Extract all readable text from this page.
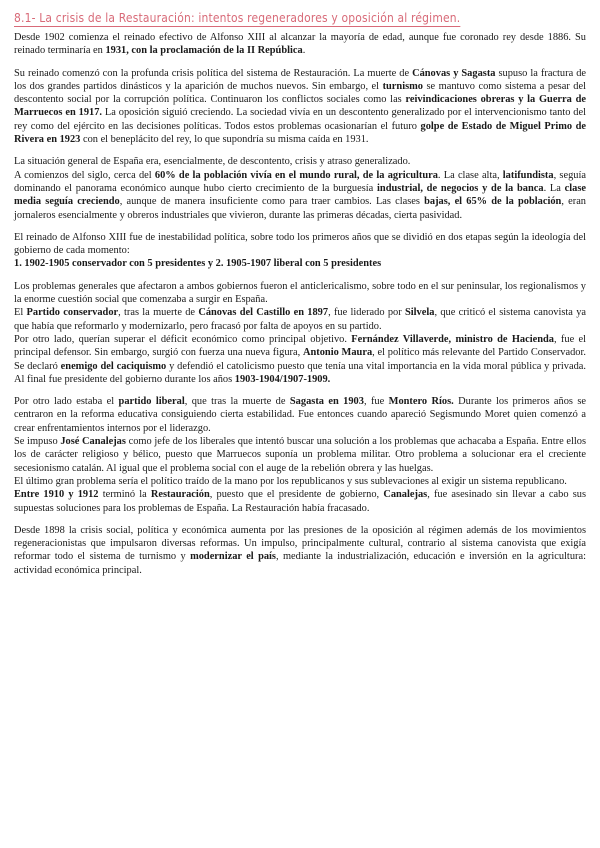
8.1- La crisis de la Restauración: intentos regeneradores y oposición al régimen.

Desde 1902 comienza el reinado efectivo de Alfonso XIII al alcanzar la mayoría de edad, aunque fue coronado rey desde 1886. Su reinado terminaría en 1931, con la proclamación de la II República.

Su reinado comenzó con la profunda crisis política del sistema de Restauración. La muerte de Cánovas y Sagasta supuso la fractura de los dos grandes partidos dinásticos y la aparición de muchos nuevos. Sin embargo, el turnismo se mantuvo como sistema a pesar del descontento social por la corrupción política. Continuaron los conflictos sociales como las reivindicaciones obreras y la Guerra de Marruecos en 1917. La oposición siguió creciendo. La sociedad vivía en un descontento generalizado por el intervencionismo tanto del rey como del ejército en las decisiones políticas. Todos estos problemas ocasionarían el futuro golpe de Estado de Miguel Primo de Rivera en 1923 con el beneplácito del rey, lo que supondría su misma caída en 1931.

La situación general de España era, esencialmente, de descontento, crisis y atraso generalizado.

A comienzos del siglo, cerca del 60% de la población vivía en el mundo rural, de la agricultura. La clase alta, latifundista, seguía dominando el panorama económico aunque hubo cierto crecimiento de la burguesía industrial, de negocios y de la banca. La clase media seguía creciendo, aunque de manera insuficiente como para traer cambios. Las clases bajas, el 65% de la población, eran jornaleros esencialmente y obreros industriales que vivieron, durante las primeras décadas, cierta pasividad.

El reinado de Alfonso XIII fue de inestabilidad política, sobre todo los primeros años que se dividió en dos etapas según la ideología del gobierno de cada momento:

1. 1902-1905 conservador con 5 presidentes y 2. 1905-1907 liberal con 5 presidentes

Los problemas generales que afectaron a ambos gobiernos fueron el anticlericalismo, sobre todo en el sur peninsular, los regionalismos y la enorme cuestión social que comenzaba a surgir en España.

El Partido conservador, tras la muerte de Cánovas del Castillo en 1897, fue liderado por Silvela, que criticó el sistema canovista ya que había que reformarlo y modernizarlo, pero fracasó por falta de apoyos en su partido.

Por otro lado, querían superar el déficit económico como principal objetivo. Fernández Villaverde, ministro de Hacienda, fue el principal defensor. Sin embargo, surgió con fuerza una nueva figura, Antonio Maura, el político más relevante del Partido Conservador. Se declaró enemigo del caciquismo y defendió el catolicismo puesto que tenía una vital importancia en la vida moral pública y privada. Al final fue presidente del gobierno durante los años 1903-1904/1907-1909.

Por otro lado estaba el partido liberal, que tras la muerte de Sagasta en 1903, fue Montero Ríos. Durante los primeros años se centraron en la reforma educativa consiguiendo cierta estabilidad. Fue entonces cuando apareció Segismundo Moret quien comenzó a crear enfrentamientos internos por el liderazgo.

Se impuso José Canalejas como jefe de los liberales que intentó buscar una solución a los problemas que achacaba a España. Entre ellos los de carácter religioso y bélico, puesto que Marruecos suponía un problema militar. Otro problema a solucionar era el creciente secesionismo catalán. Al igual que el problema social con el auge de la rebelión obrera y las huelgas.

El último gran problema sería el político traído de la mano por los republicanos y sus sublevaciones al exigir un sistema republicano.

Entre 1910 y 1912 terminó la Restauración, puesto que el presidente de gobierno, Canalejas, fue asesinado sin llevar a cabo sus supuestas soluciones para los problemas de España. La Restauración había fracasado.

Desde 1898 la crisis social, política y económica aumenta por las presiones de la oposición al régimen además de los movimientos regeneracionistas que impulsaron diversas reformas. Un impulso, principalmente cultural, contrario al sistema canovista que exigía reformar todo el sistema de turnismo y modernizar el país, mediante la industrialización, educación e inversión en la agricultura: actividad económica principal.
